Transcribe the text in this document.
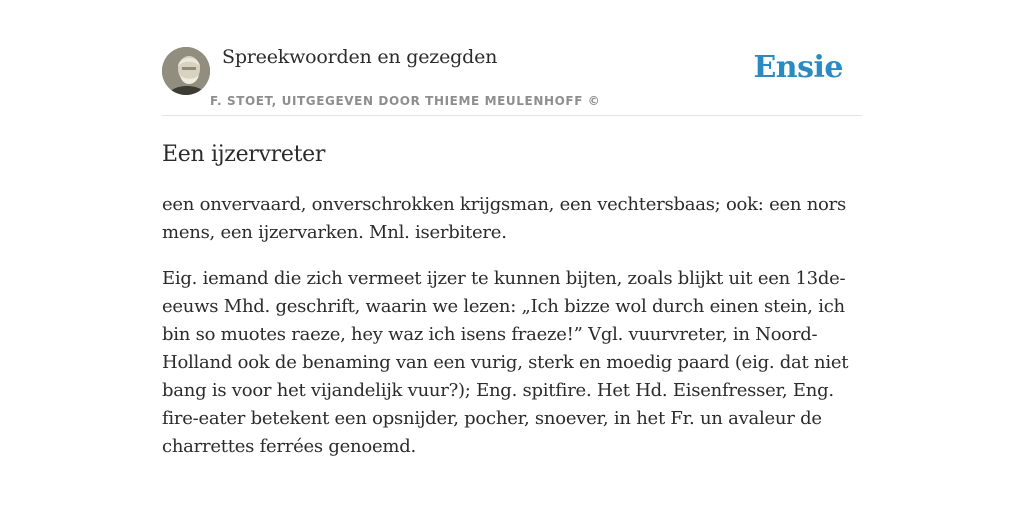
Spreekwoorden en gezegden
F. STOET, UITGEGEVEN DOOR THIEME MEULENHOFF ©
Ensie
Een ijzervreter

een onvervaard, onverschrokken krijgsman, een vechtersbaas; ook: een nors mens, een ijzervarken. Mnl. iserbitere.

Eig. iemand die zich vermeet ijzer te kunnen bijten, zoals blijkt uit een 13de-eeuws Mhd. geschrift, waarin we lezen: „Ich bizze wol durch einen stein, ich bin so muotes raeze, hey waz ich isens fraeze!” Vgl. vuurvreter, in Noord-Holland ook de benaming van een vurig, sterk en moedig paard (eig. dat niet bang is voor het vijandelijk vuur?); Eng. spitfire. Het Hd. Eisenfresser, Eng. fire-eater betekent een opsnijder, pocher, snoever, in het Fr. un avaleur de charrettes ferrées genoemd.
